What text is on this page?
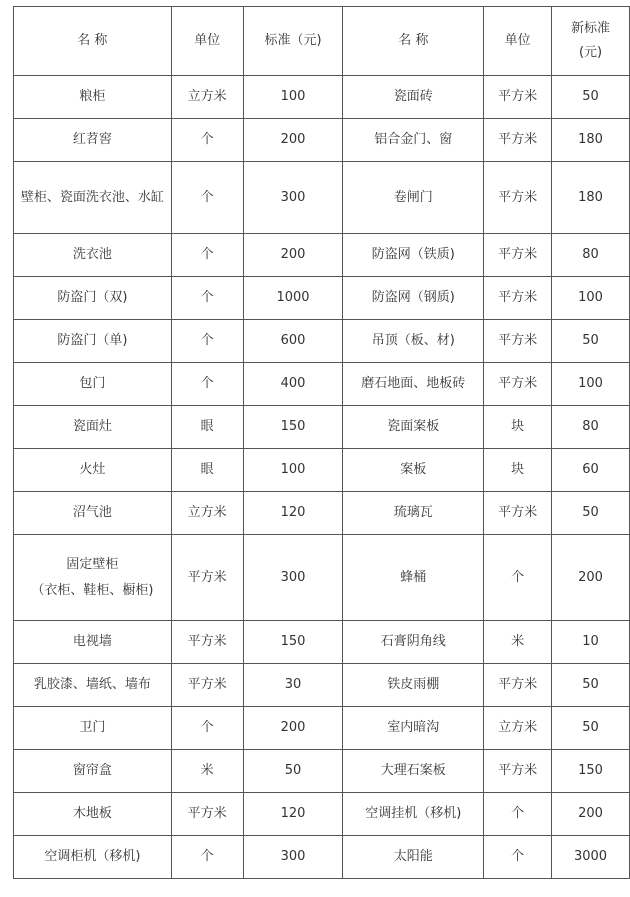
名 称	单位	标准（元)	名 称	单位	新标准
(元)
粮柜	立方米	100	瓷面砖	平方米	50
红苕窖	个	200	铝合金门、窗	平方米	180
壁柜、瓷面洗衣池、水缸	个	300	卷闸门	平方米	180
洗衣池	个	200	防盗网（铁质)	平方米	80
防盗门（双)	个	1000	防盗网（钢质)	平方米	100
防盗门（单)	个	600	吊顶（板、材)	平方米	50
包门	个	400	磨石地面、地板砖	平方米	100
瓷面灶	眼	150	瓷面案板	块	80
火灶	眼	100	案板	块	60
沼气池	立方米	120	琉璃瓦	平方米	50
固定壁柜
（衣柜、鞋柜、橱柜)	平方米	300	蜂桶	个	200
电视墙	平方米	150	石膏阴角线	米	10
乳胶漆、墙纸、墙布	平方米	30	铁皮雨棚	平方米	50
卫门	个	200	室内暗沟	立方米	50
窗帘盒	米	50	大理石案板	平方米	150
木地板	平方米	120	空调挂机（移机)	个	200
空调柜机（移机)	个	300	太阳能	个	3000
